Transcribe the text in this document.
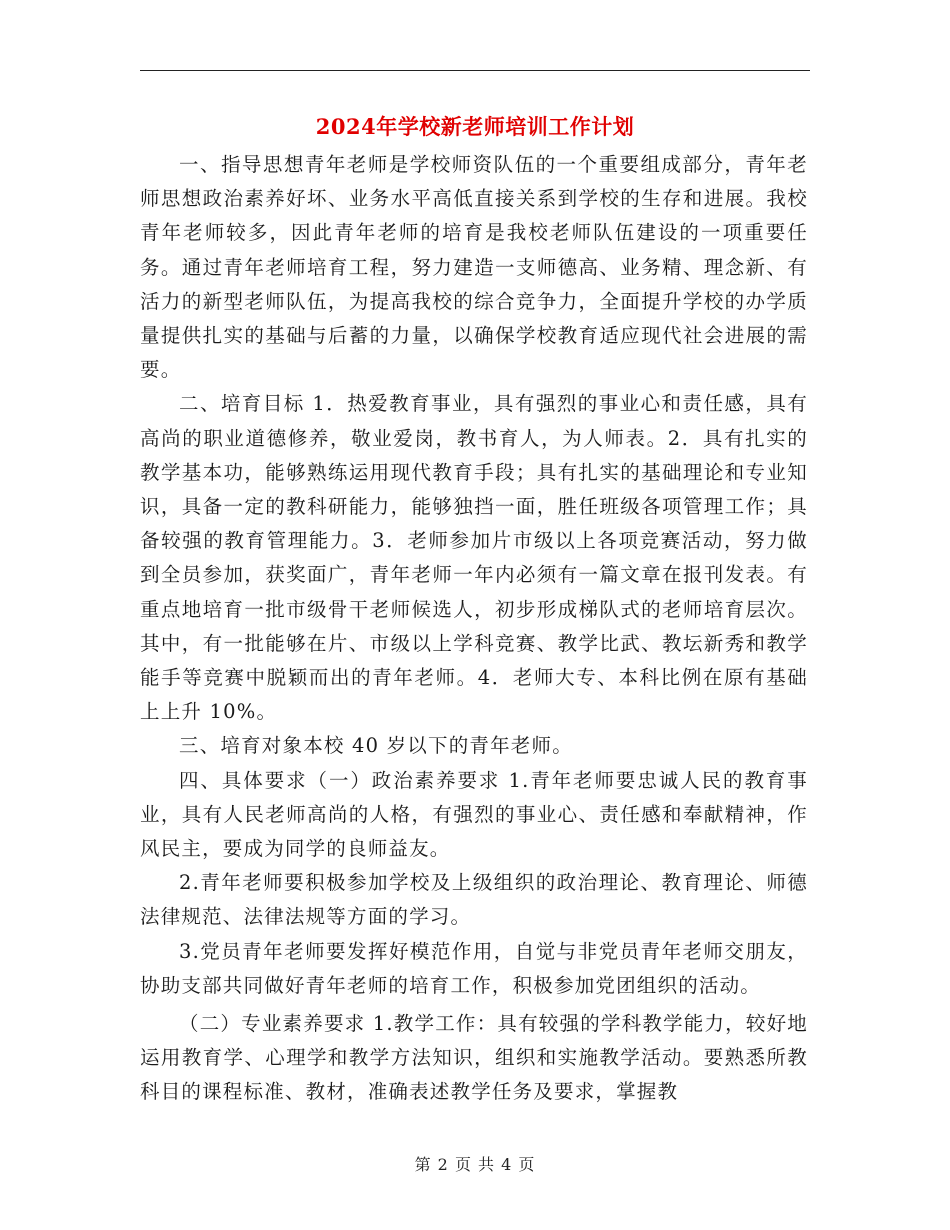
2024年学校新老师培训工作计划

一、指导思想青年老师是学校师资队伍的一个重要组成部分，青年老师思想政治素养好坏、业务水平高低直接关系到学校的生存和进展。我校青年老师较多，因此青年老师的培育是我校老师队伍建设的一项重要任务。通过青年老师培育工程，努力建造一支师德高、业务精、理念新、有活力的新型老师队伍，为提高我校的综合竞争力，全面提升学校的办学质量提供扎实的基础与后蓄的力量，以确保学校教育适应现代社会进展的需要。

二、培育目标 1．热爱教育事业，具有强烈的事业心和责任感，具有高尚的职业道德修养，敬业爱岗，教书育人，为人师表。2．具有扎实的教学基本功，能够熟练运用现代教育手段；具有扎实的基础理论和专业知识，具备一定的教科研能力，能够独挡一面，胜任班级各项管理工作；具备较强的教育管理能力。3．老师参加片市级以上各项竞赛活动，努力做到全员参加，获奖面广，青年老师一年内必须有一篇文章在报刊发表。有重点地培育一批市级骨干老师候选人，初步形成梯队式的老师培育层次。其中，有一批能够在片、市级以上学科竞赛、教学比武、教坛新秀和教学能手等竞赛中脱颖而出的青年老师。4．老师大专、本科比例在原有基础上上升 10%。

三、培育对象本校 40 岁以下的青年老师。

四、具体要求（一）政治素养要求 1.青年老师要忠诚人民的教育事业，具有人民老师高尚的人格，有强烈的事业心、责任感和奉献精神，作风民主，要成为同学的良师益友。

2.青年老师要积极参加学校及上级组织的政治理论、教育理论、师德法律规范、法律法规等方面的学习。

3.党员青年老师要发挥好模范作用，自觉与非党员青年老师交朋友，协助支部共同做好青年老师的培育工作，积极参加党团组织的活动。

（二）专业素养要求 1.教学工作：具有较强的学科教学能力，较好地运用教育学、心理学和教学方法知识，组织和实施教学活动。要熟悉所教科目的课程标准、教材，准确表述教学任务及要求，掌握教

第 2 页 共 4 页
